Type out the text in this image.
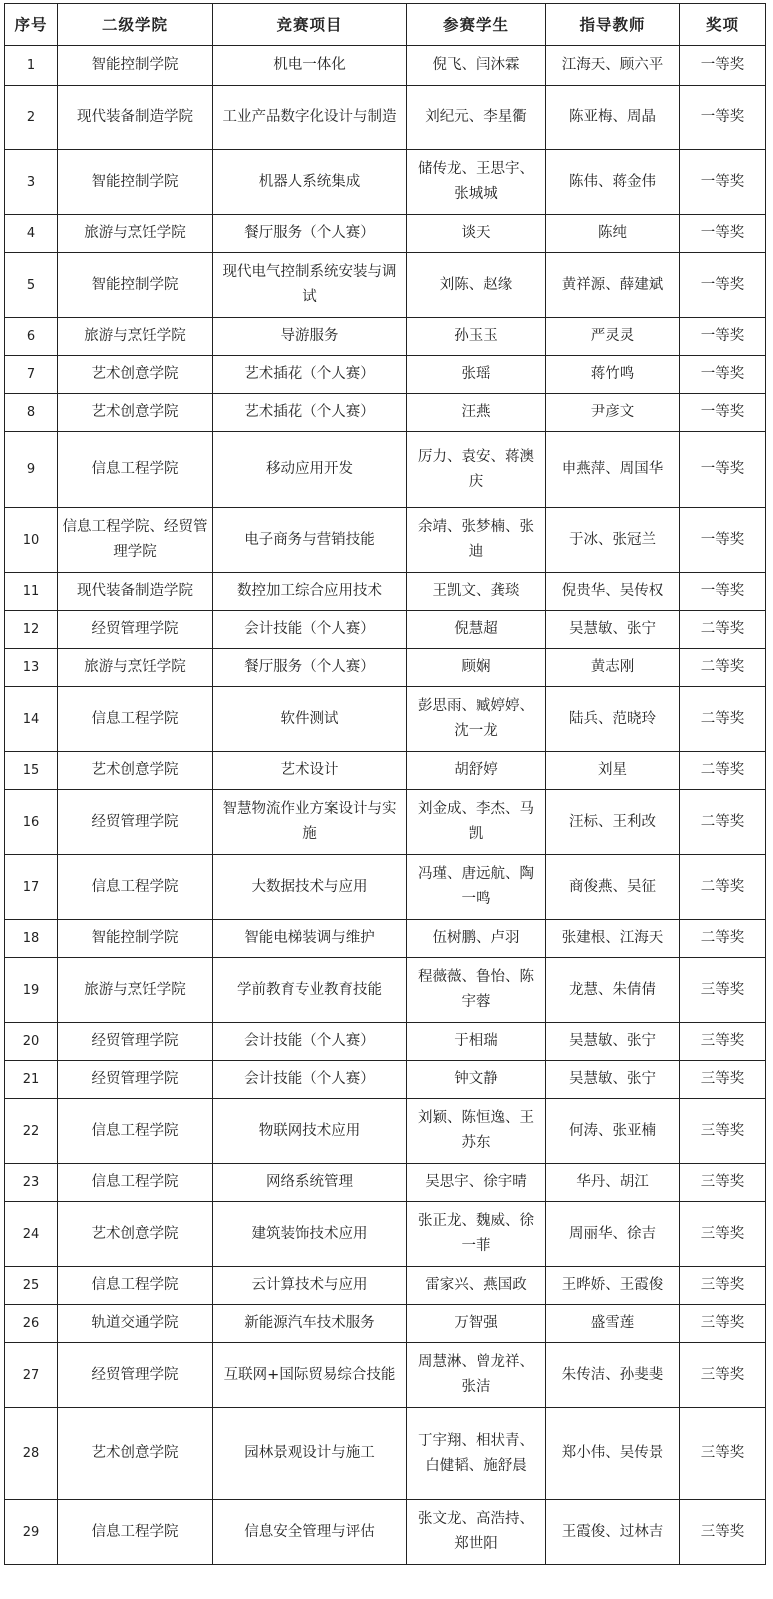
序号	二级学院	竞赛项目	参赛学生	指导教师	奖项
1	智能控制学院	机电一体化	倪飞、闫沐霖	江海天、顾六平	一等奖
2	现代装备制造学院	工业产品数字化设计与制造	刘纪元、李星衢	陈亚梅、周晶	一等奖
3	智能控制学院	机器人系统集成	储传龙、王思宇、张城城	陈伟、蒋金伟	一等奖
4	旅游与烹饪学院	餐厅服务（个人赛）	谈天	陈纯	一等奖
5	智能控制学院	现代电气控制系统安装与调试	刘陈、赵缘	黄祥源、薛建斌	一等奖
6	旅游与烹饪学院	导游服务	孙玉玉	严灵灵	一等奖
7	艺术创意学院	艺术插花（个人赛）	张瑶	蒋竹鸣	一等奖
8	艺术创意学院	艺术插花（个人赛）	汪燕	尹彦文	一等奖
9	信息工程学院	移动应用开发	厉力、袁安、蒋澳庆	申燕萍、周国华	一等奖
10	信息工程学院、经贸管理学院	电子商务与营销技能	余靖、张梦楠、张迪	于冰、张冠兰	一等奖
11	现代装备制造学院	数控加工综合应用技术	王凯文、龚琰	倪贵华、吴传权	一等奖
12	经贸管理学院	会计技能（个人赛）	倪慧超	吴慧敏、张宁	二等奖
13	旅游与烹饪学院	餐厅服务（个人赛）	顾娴	黄志刚	二等奖
14	信息工程学院	软件测试	彭思雨、臧婷婷、沈一龙	陆兵、范晓玲	二等奖
15	艺术创意学院	艺术设计	胡舒婷	刘星	二等奖
16	经贸管理学院	智慧物流作业方案设计与实施	刘金成、李杰、马凯	汪标、王利改	二等奖
17	信息工程学院	大数据技术与应用	冯瑾、唐远航、陶一鸣	商俊燕、吴征	二等奖
18	智能控制学院	智能电梯装调与维护	伍树鹏、卢羽	张建根、江海天	二等奖
19	旅游与烹饪学院	学前教育专业教育技能	程薇薇、鲁怡、陈宇蓉	龙慧、朱倩倩	三等奖
20	经贸管理学院	会计技能（个人赛）	于相瑞	吴慧敏、张宁	三等奖
21	经贸管理学院	会计技能（个人赛）	钟文静	吴慧敏、张宁	三等奖
22	信息工程学院	物联网技术应用	刘颖、陈恒逸、王苏东	何涛、张亚楠	三等奖
23	信息工程学院	网络系统管理	吴思宇、徐宇晴	华丹、胡江	三等奖
24	艺术创意学院	建筑装饰技术应用	张正龙、魏威、徐一菲	周丽华、徐吉	三等奖
25	信息工程学院	云计算技术与应用	雷家兴、燕国政	王晔娇、王霞俊	三等奖
26	轨道交通学院	新能源汽车技术服务	万智强	盛雪莲	三等奖
27	经贸管理学院	互联网+国际贸易综合技能	周慧淋、曾龙祥、张洁	朱传洁、孙斐斐	三等奖
28	艺术创意学院	园林景观设计与施工	丁宇翔、相状青、白健韬、施舒晨	郑小伟、吴传景	三等奖
29	信息工程学院	信息安全管理与评估	张文龙、高浩持、郑世阳	王霞俊、过林吉	三等奖
